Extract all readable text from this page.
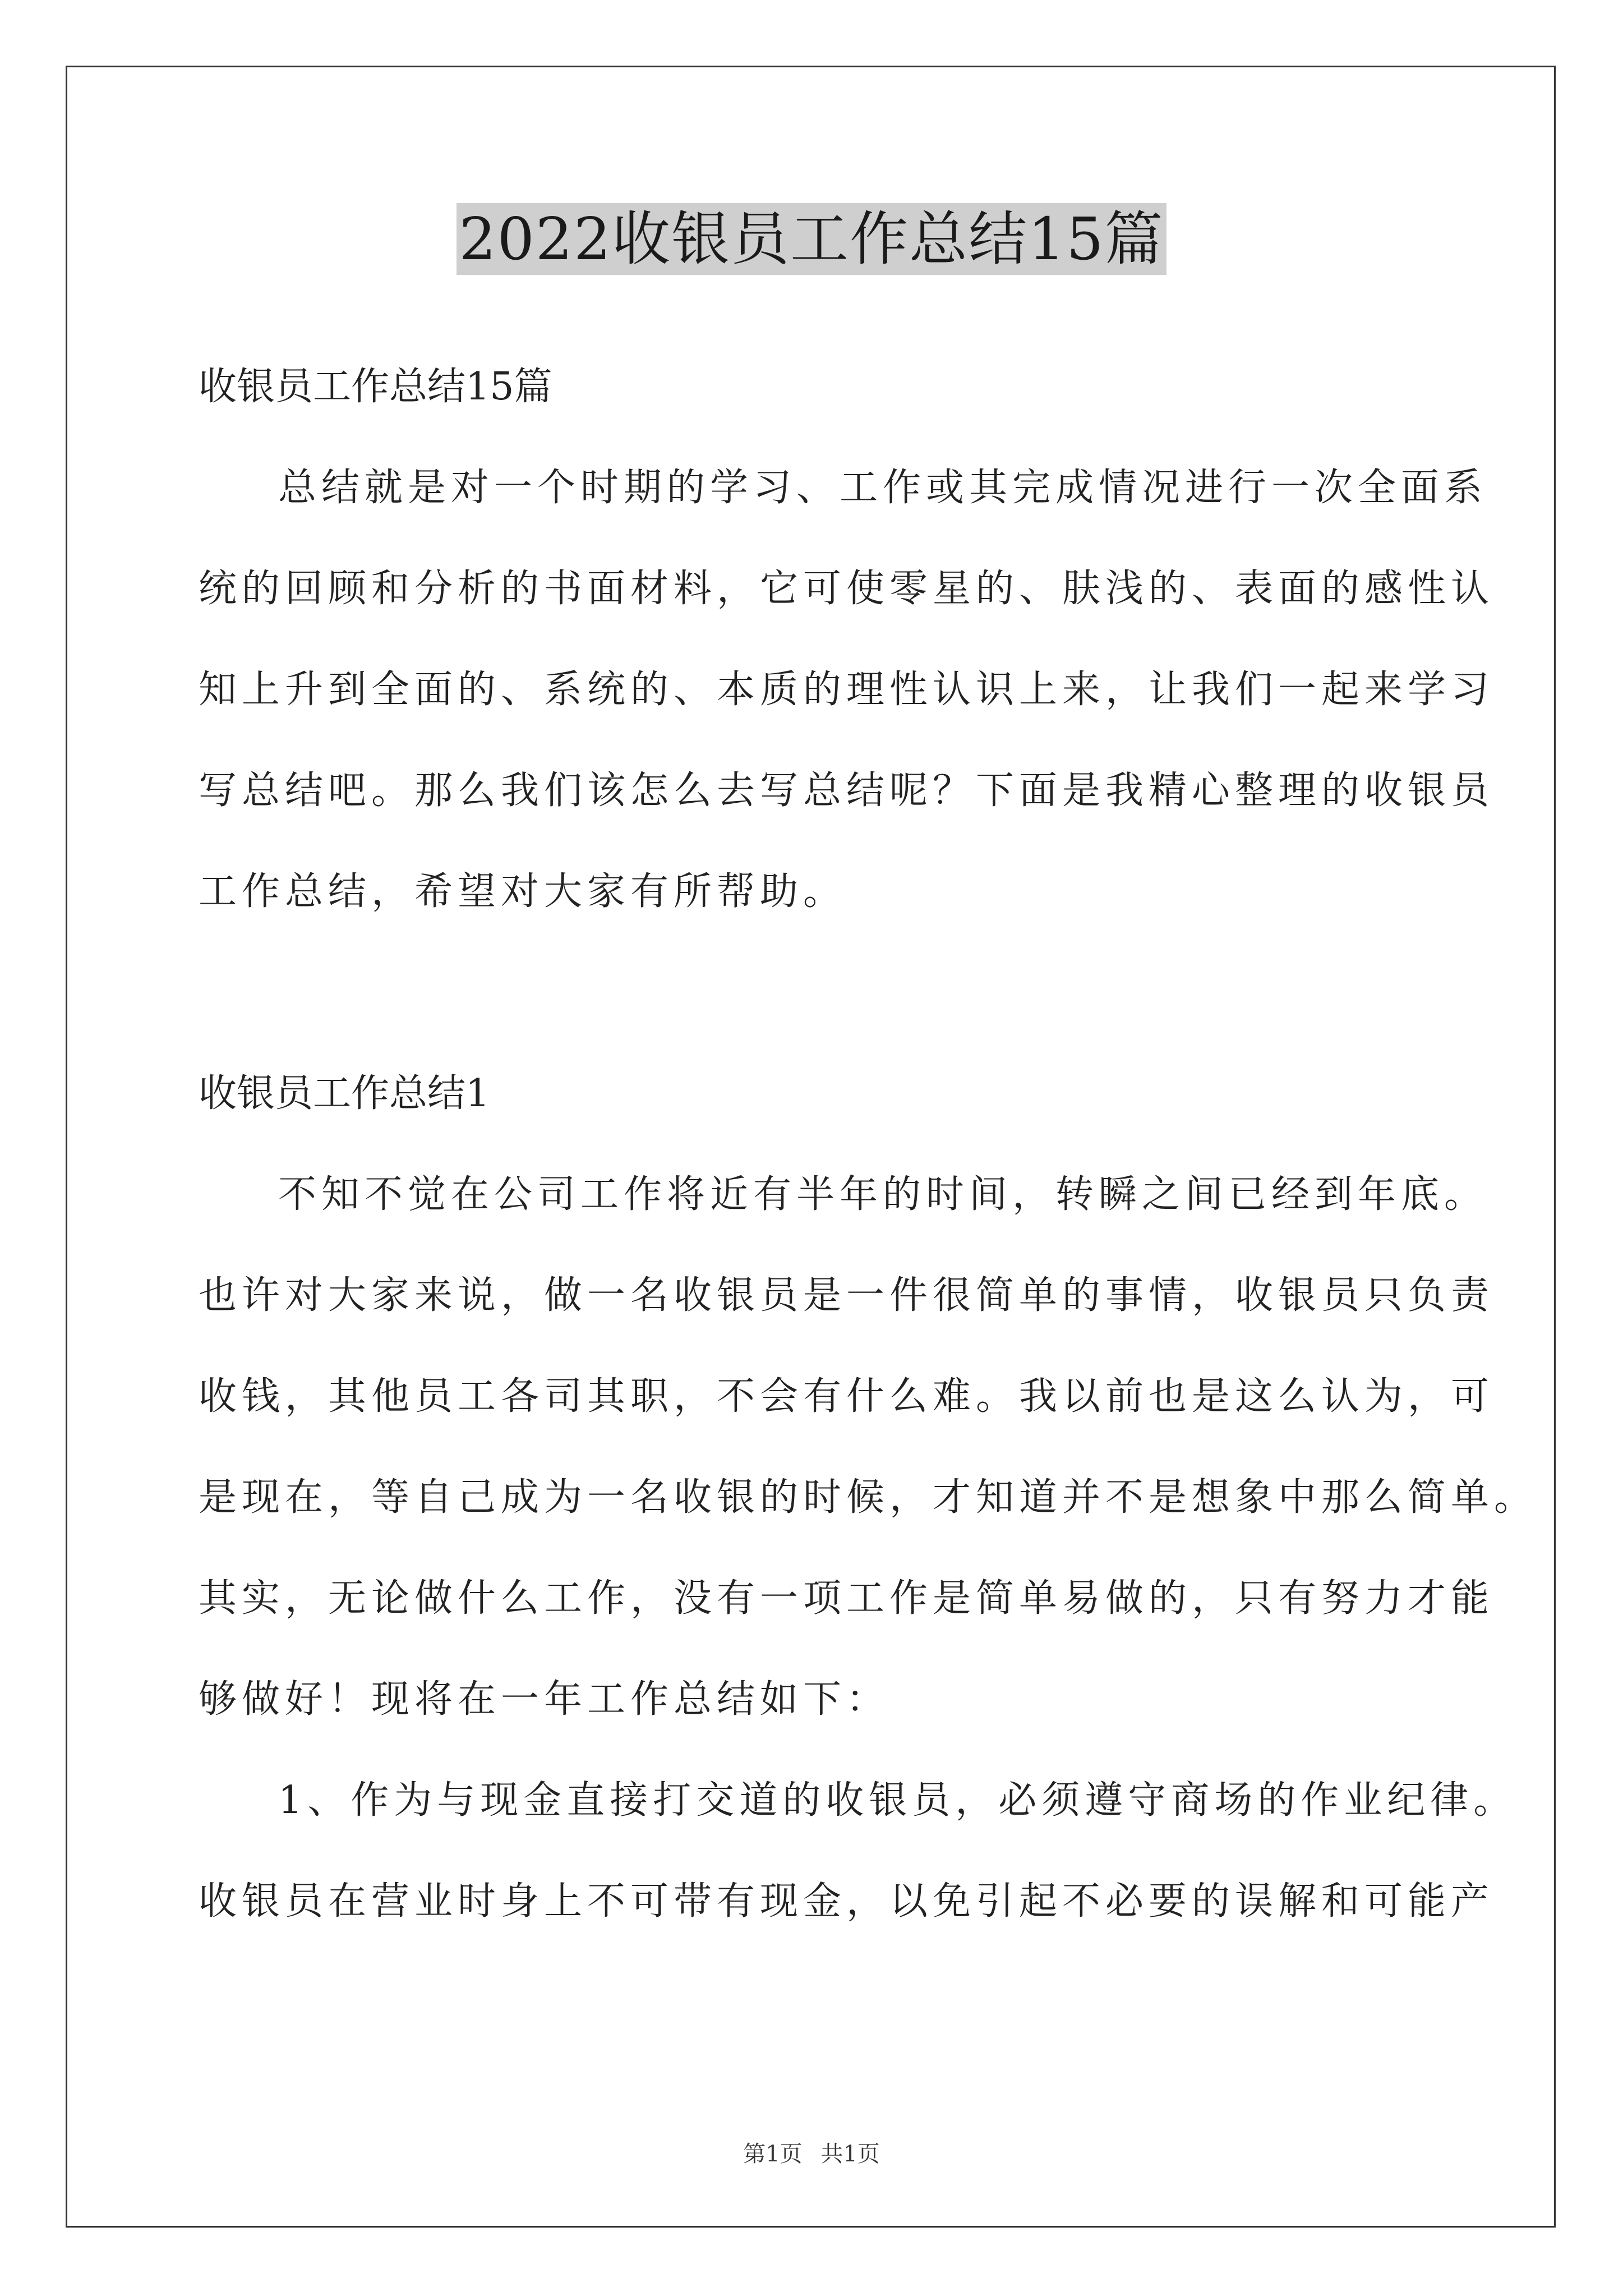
2022收银员工作总结15篇

收银员工作总结15篇

总结就是对一个时期的学习、工作或其完成情况进行一次全面系
统的回顾和分析的书面材料，它可使零星的、肤浅的、表面的感性认
知上升到全面的、系统的、本质的理性认识上来，让我们一起来学习
写总结吧。那么我们该怎么去写总结呢？下面是我精心整理的收银员
工作总结，希望对大家有所帮助。

收银员工作总结1

不知不觉在公司工作将近有半年的时间，转瞬之间已经到年底。
也许对大家来说，做一名收银员是一件很简单的事情，收银员只负责
收钱，其他员工各司其职，不会有什么难。我以前也是这么认为，可
是现在，等自己成为一名收银的时候，才知道并不是想象中那么简单。
其实，无论做什么工作，没有一项工作是简单易做的，只有努力才能
够做好！现将在一年工作总结如下：

1、作为与现金直接打交道的收银员，必须遵守商场的作业纪律。
收银员在营业时身上不可带有现金，以免引起不必要的误解和可能产

第1页 共1页
